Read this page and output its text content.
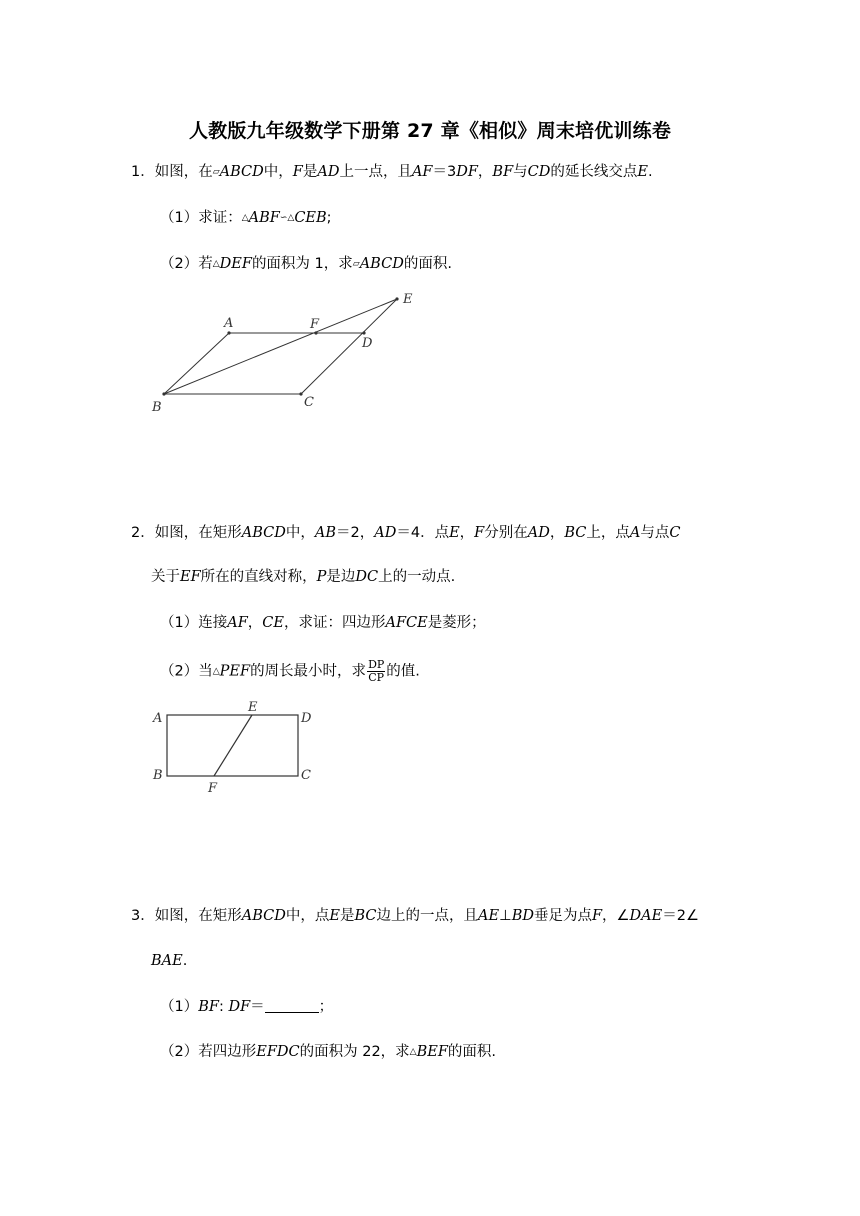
人教版九年级数学下册第 27 章《相似》周末培优训练卷
1．如图，在▱ABCD中，F是AD上一点，且AF＝3DF，BF与CD的延长线交点E.
（1）求证：△ABF∽△CEB;
（2）若△DEF的面积为 1，求▱ABCD的面积.
2．如图，在矩形ABCD中，AB＝2，AD＝4．点E，F分别在AD，BC上，点A与点C
关于EF所在的直线对称，P是边DC上的一动点.
（1）连接AF，CE，求证：四边形AFCE是菱形；
（2）当△PEF的周长最小时，求 $\frac{DP}{CP}$ 的值.
3．如图，在矩形ABCD中，点E是BC边上的一点，且AE⊥BD垂足为点F，∠DAE＝2∠
BAE.
（1）BF: DF＝	；
（2）若四边形EFDC的面积为 22，求△BEF的面积.
A	F
E
D
B	C
A
E
D
B
F
C
